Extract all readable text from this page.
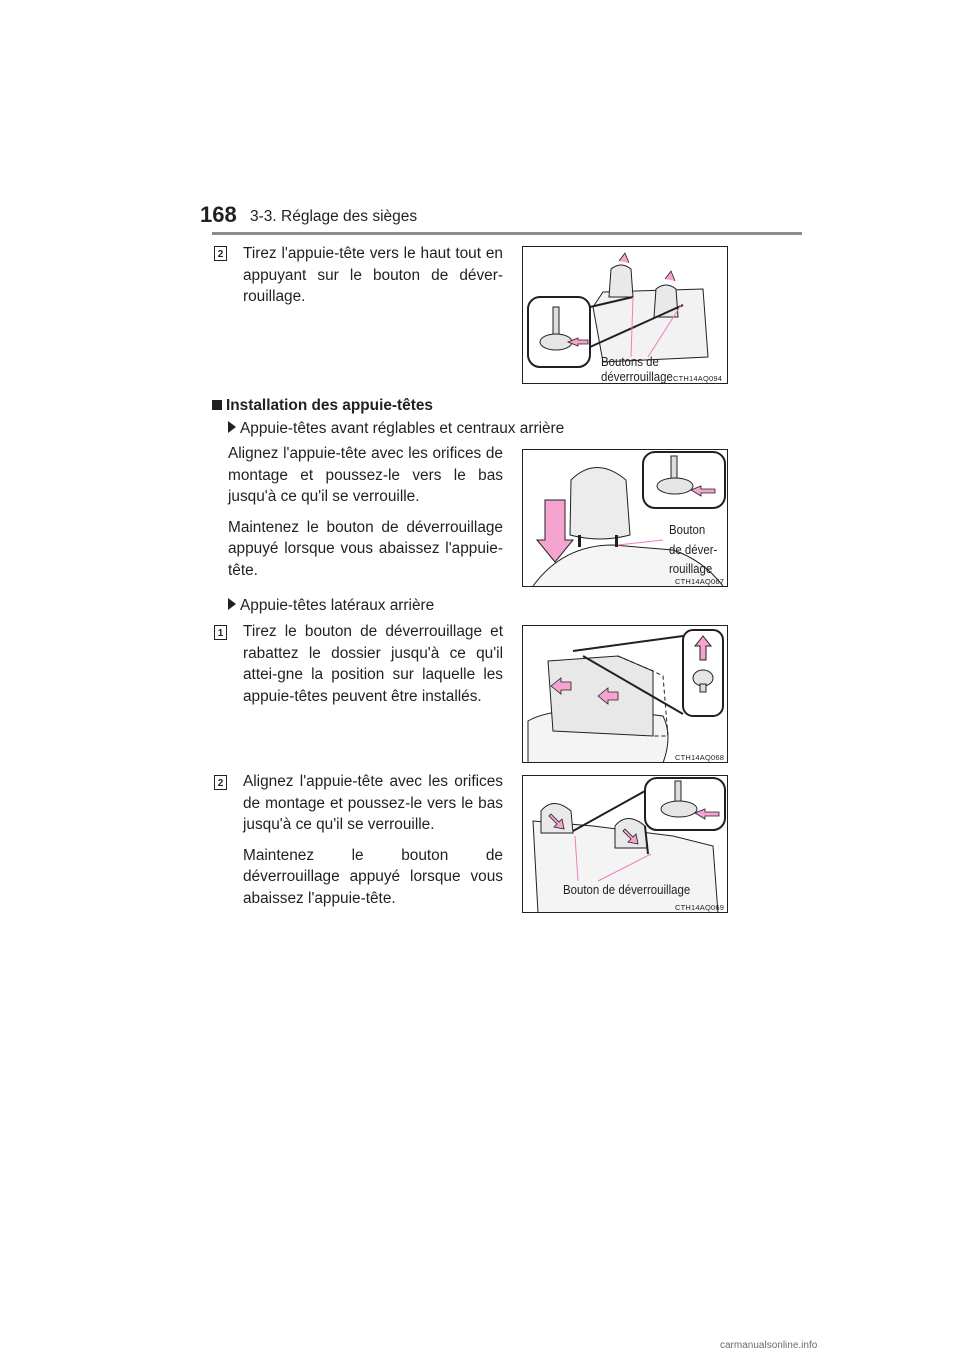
168 3-3. Réglage des sièges
2 Tirez l'appuie-tête vers le haut tout en appuyant sur le bouton de déver-rouillage.

Boutons de déverrouillage CTH14AQ094
Installation des appuie-têtes
Appuie-têtes avant réglables et centraux arrière

Alignez l'appuie-tête avec les orifices de montage et poussez-le vers le bas jusqu'à ce qu'il se verrouille.

Maintenez le bouton de déverrouillage appuyé lorsque vous abaissez l'appuie-tête.

Bouton
de déver-
rouillage
CTH14AQ067
Appuie-têtes latéraux arrière
1 Tirez le bouton de déverrouillage et rabattez le dossier jusqu'à ce qu'il attei-gne la position sur laquelle les appuie-têtes peuvent être installés.

CTH14AQ068
2 Alignez l'appuie-tête avec les orifices de montage et poussez-le vers le bas jusqu'à ce qu'il se verrouille.

Maintenez le bouton de déverrouillage appuyé lorsque vous abaissez l'appuie-tête.	Bouton de déverrouillage
CTH14AQ069
carmanualsonline.info
